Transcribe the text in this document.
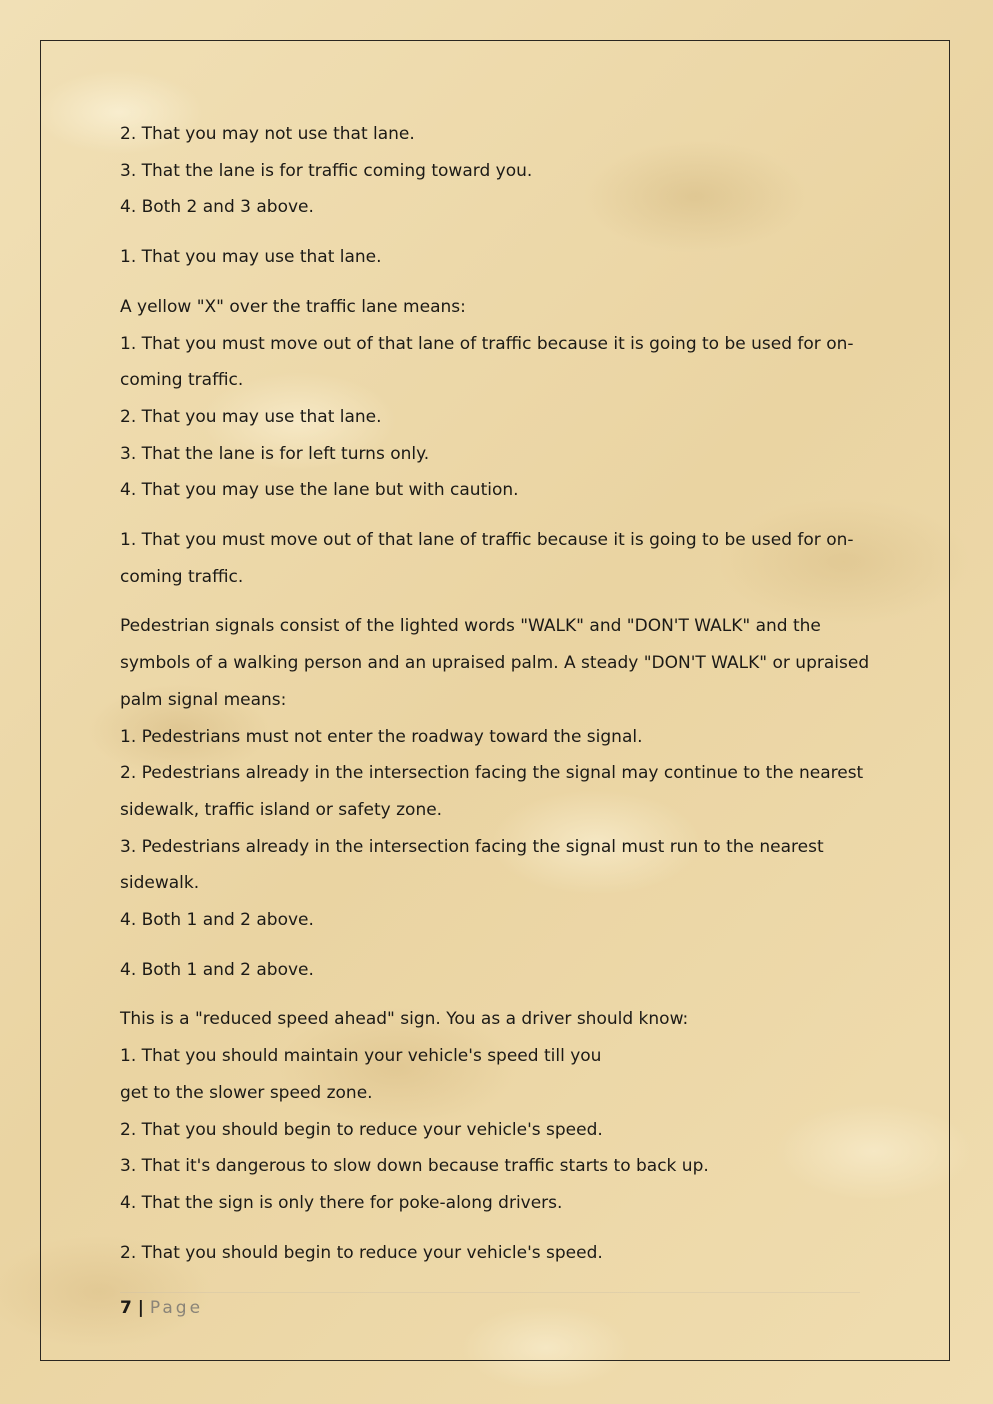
2. That you may not use that lane.

3. That the lane is for traffic coming toward you.

4. Both 2 and 3 above.

1. That you may use that lane.

A yellow "X" over the traffic lane means:

1. That you must move out of that lane of traffic because it is going to be used for on-

coming traffic.

2. That you may use that lane.

3. That the lane is for left turns only.

4. That you may use the lane but with caution.

1. That you must move out of that lane of traffic because it is going to be used for on-

coming traffic.

Pedestrian signals consist of the lighted words "WALK" and "DON'T WALK" and the

symbols of a walking person and an upraised palm. A steady "DON'T WALK" or upraised

palm signal means:

1. Pedestrians must not enter the roadway toward the signal.

2. Pedestrians already in the intersection facing the signal may continue to the nearest

sidewalk, traffic island or safety zone.

3. Pedestrians already in the intersection facing the signal must run to the nearest

sidewalk.

4. Both 1 and 2 above.

4. Both 1 and 2 above.

This is a "reduced speed ahead" sign. You as a driver should know:

1. That you should maintain your vehicle's speed till you

get to the slower speed zone.

2. That you should begin to reduce your vehicle's speed.

3. That it's dangerous to slow down because traffic starts to back up.

4. That the sign is only there for poke-along drivers.

2. That you should begin to reduce your vehicle's speed.

7 | Page
